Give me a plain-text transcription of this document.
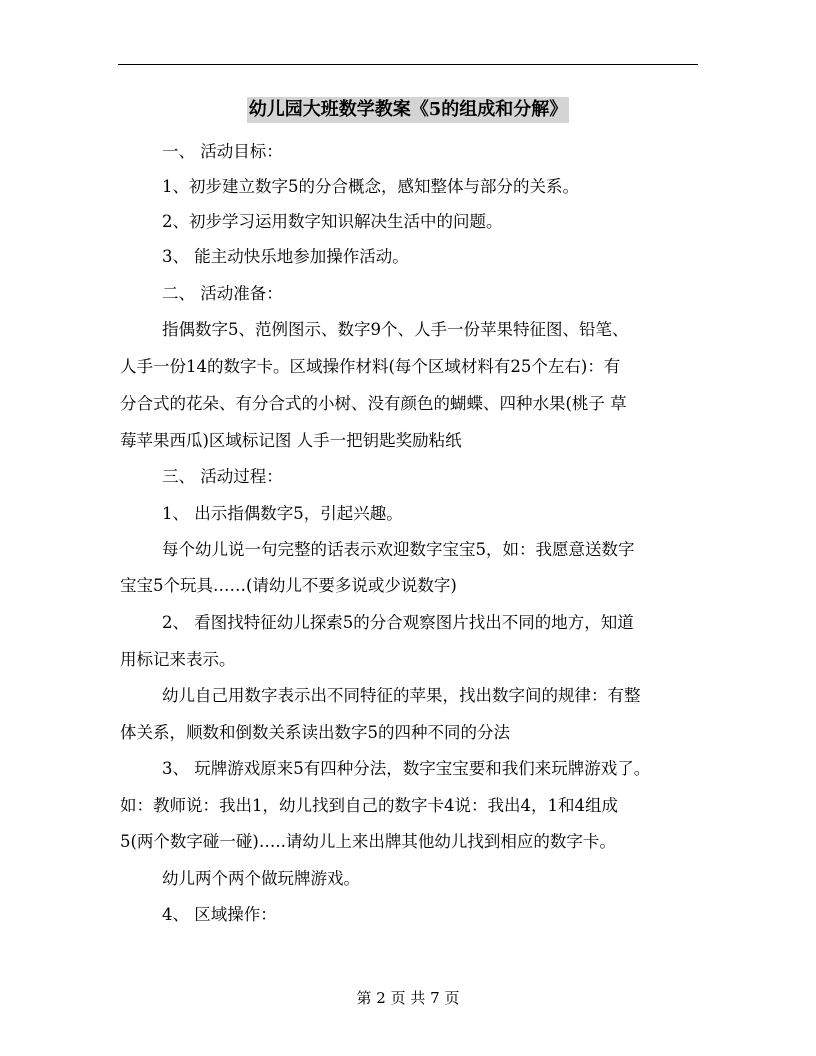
幼儿园大班数学教案《5的组成和分解》
一、 活动目标：
1、初步建立数字5的分合概念，感知整体与部分的关系。
2、初步学习运用数字知识解决生活中的问题。
3、 能主动快乐地参加操作活动。
二、 活动准备：
指偶数字5、范例图示、数字9个、人手一份苹果特征图、铅笔、
人手一份14的数字卡。区域操作材料(每个区域材料有25个左右)：有
分合式的花朵、有分合式的小树、没有颜色的蝴蝶、四种水果(桃子 草
莓苹果西瓜)区域标记图 人手一把钥匙奖励粘纸
三、 活动过程：
1、 出示指偶数字5，引起兴趣。
每个幼儿说一句完整的话表示欢迎数字宝宝5，如：我愿意送数字
宝宝5个玩具……(请幼儿不要多说或少说数字)
2、 看图找特征幼儿探索5的分合观察图片找出不同的地方，知道
用标记来表示。
幼儿自己用数字表示出不同特征的苹果，找出数字间的规律：有整
体关系，顺数和倒数关系读出数字5的四种不同的分法
3、 玩牌游戏原来5有四种分法，数字宝宝要和我们来玩牌游戏了。
如：教师说：我出1，幼儿找到自己的数字卡4说：我出4，1和4组成
5(两个数字碰一碰)…..请幼儿上来出牌其他幼儿找到相应的数字卡。
幼儿两个两个做玩牌游戏。
4、 区域操作：
第 2 页 共 7 页
